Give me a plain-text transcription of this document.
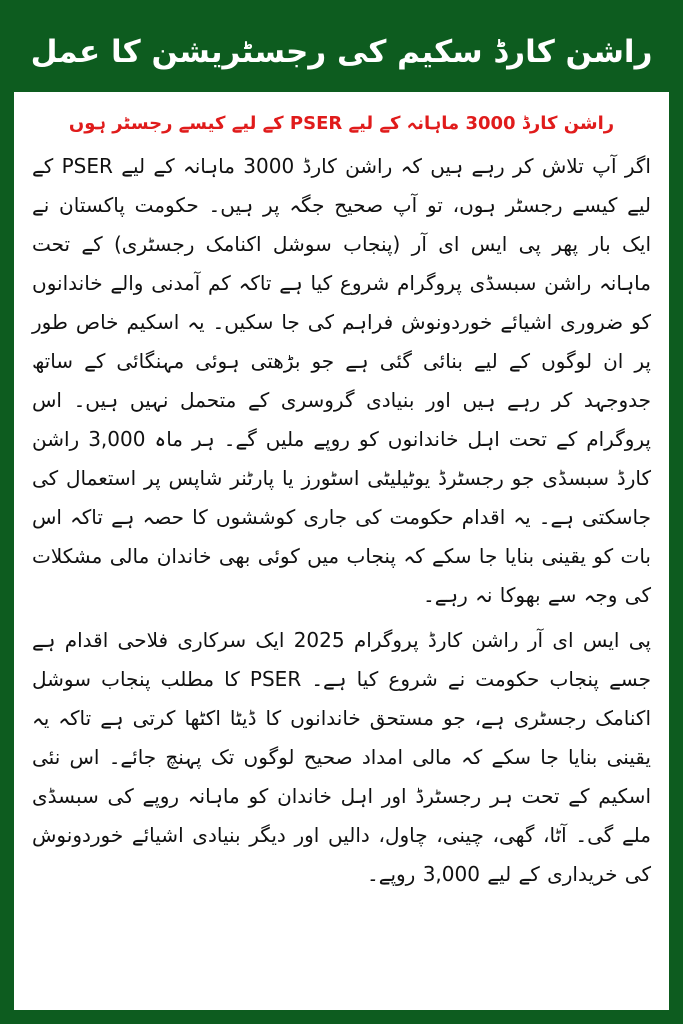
راشن کارڈ سکیم کی رجسٹریشن کا عمل
راشن کارڈ 3000 ماہانہ کے لیے PSER کے لیے کیسے رجسٹر ہوں

اگر آپ تلاش کر رہے ہیں کہ راشن کارڈ 3000 ماہانہ کے لیے PSER کے لیے کیسے رجسٹر ہوں، تو آپ صحیح جگہ پر ہیں۔ حکومت پاکستان نے ایک بار پھر پی ایس ای آر (پنجاب سوشل اکنامک رجسٹری) کے تحت ماہانہ راشن سبسڈی پروگرام شروع کیا ہے تاکہ کم آمدنی والے خاندانوں کو ضروری اشیائے خوردونوش فراہم کی جا سکیں۔ یہ اسکیم خاص طور پر ان لوگوں کے لیے بنائی گئی ہے جو بڑھتی ہوئی مہنگائی کے ساتھ جدوجہد کر رہے ہیں اور بنیادی گروسری کے متحمل نہیں ہیں۔ اس پروگرام کے تحت اہل خاندانوں کو روپے ملیں گے۔ ہر ماہ 3,000 راشن کارڈ سبسڈی جو رجسٹرڈ یوٹیلیٹی اسٹورز یا پارٹنر شاپس پر استعمال کی جاسکتی ہے۔ یہ اقدام حکومت کی جاری کوششوں کا حصہ ہے تاکہ اس بات کو یقینی بنایا جا سکے کہ پنجاب میں کوئی بھی خاندان مالی مشکلات کی وجہ سے بھوکا نہ رہے۔

پی ایس ای آر راشن کارڈ پروگرام 2025 ایک سرکاری فلاحی اقدام ہے جسے پنجاب حکومت نے شروع کیا ہے۔ PSER کا مطلب پنجاب سوشل اکنامک رجسٹری ہے، جو مستحق خاندانوں کا ڈیٹا اکٹھا کرتی ہے تاکہ یہ یقینی بنایا جا سکے کہ مالی امداد صحیح لوگوں تک پہنچ جائے۔ اس نئی اسکیم کے تحت ہر رجسٹرڈ اور اہل خاندان کو ماہانہ روپے کی سبسڈی ملے گی۔ آٹا، گھی، چینی، چاول، دالیں اور دیگر بنیادی اشیائے خوردونوش کی خریداری کے لیے 3,000 روپے۔
